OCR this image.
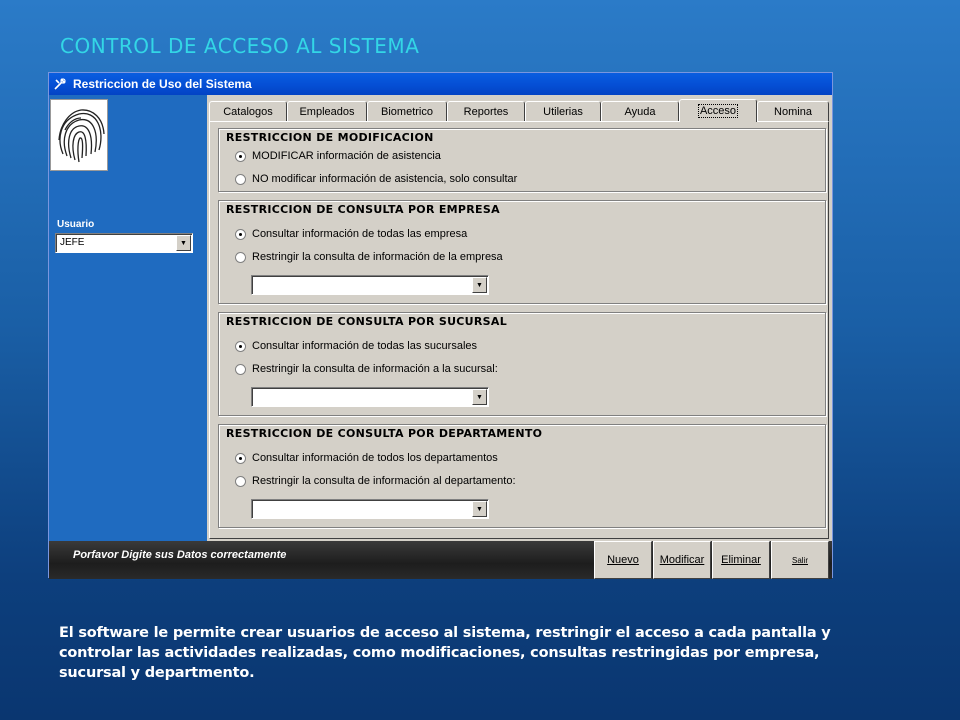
CONTROL DE ACCESO AL SISTEMA
Restriccion de Uso del Sistema
Usuario
JEFE	▼
Catalogos Empleados Biometrico	Reportes	Utilerias	Ayuda	Acceso	Nomina
RESTRICCION DE MODIFICACION
MODIFICAR información de asistencia
NO modificar información de asistencia, solo consultar
RESTRICCION DE CONSULTA POR EMPRESA
Consultar información de todas las empresa
Restringir la consulta de información de la empresa
▼
RESTRICCION DE CONSULTA POR SUCURSAL
Consultar información de todas las sucursales
Restringir la consulta de información a la sucursal:
▼
RESTRICCION DE CONSULTA POR DEPARTAMENTO
Consultar información de todos los departamentos
Restringir la consulta de información al departamento:
▼
Porfavor Digite sus Datos correctamente	Nuevo Modificar Eliminar	Salir
El software le permite crear usuarios de acceso al sistema, restringir el acceso a cada pantalla y controlar las actividades realizadas, como modificaciones, consultas restringidas por empresa, sucursal y departmento.
